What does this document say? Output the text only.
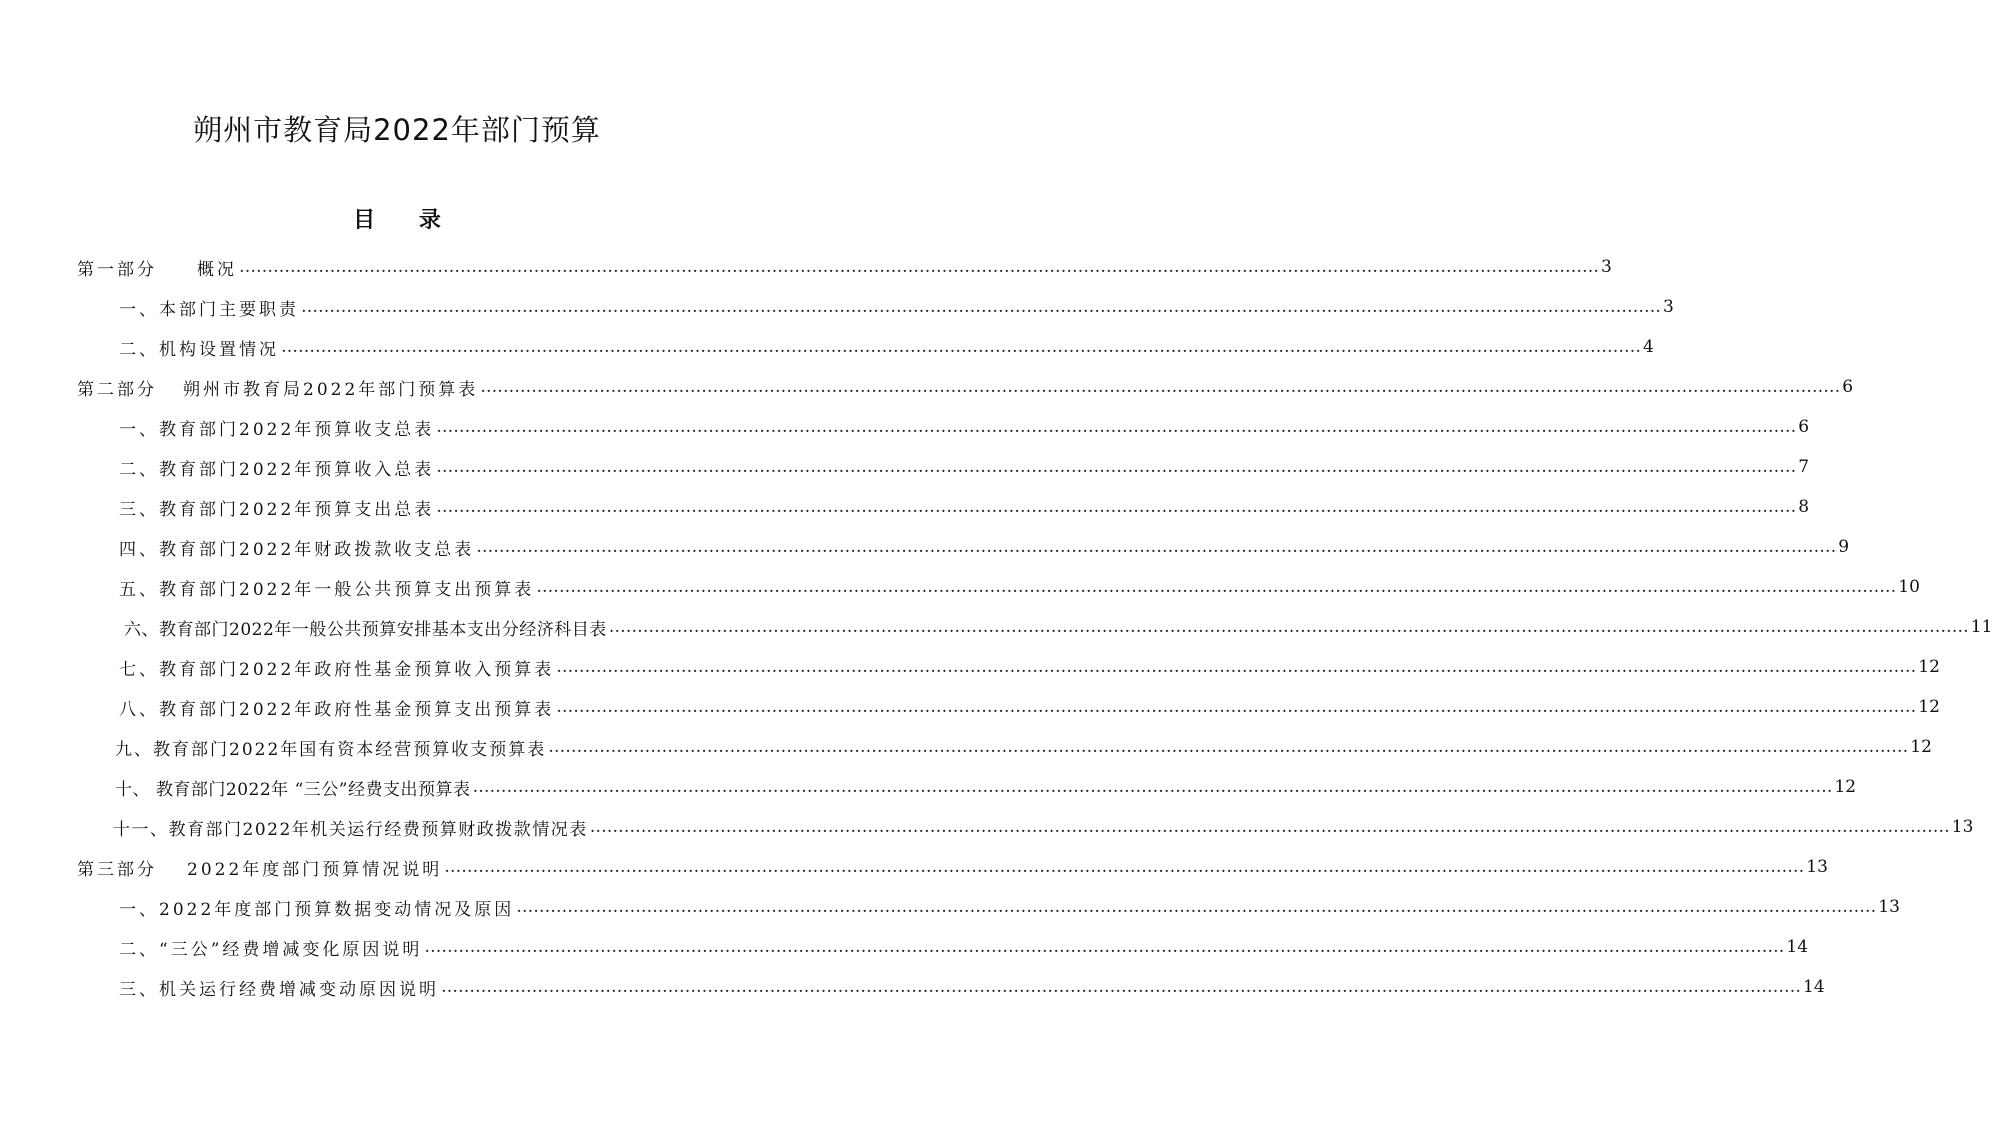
朔州市教育局2022年部门预算
目 录
第一部分 概况 …………………………………………………………………………………………………………………………………………………………………………………………………………………… 3
一、本部门主要职责 …………………………………………………………………………………………………………………………………………………………………………………………………………………… 3
二、机构设置情况 …………………………………………………………………………………………………………………………………………………………………………………………………………………… 4
第二部分 朔州市教育局2022年部门预算表 …………………………………………………………………………………………………………………………………………………………………………………………………………………… 6
一、教育部门2022年预算收支总表 …………………………………………………………………………………………………………………………………………………………………………………………………………………… 6
二、教育部门2022年预算收入总表 …………………………………………………………………………………………………………………………………………………………………………………………………………………… 7
三、教育部门2022年预算支出总表 …………………………………………………………………………………………………………………………………………………………………………………………………………………… 8
四、教育部门2022年财政拨款收支总表 …………………………………………………………………………………………………………………………………………………………………………………………………………………… 9
五、教育部门2022年一般公共预算支出预算表 …………………………………………………………………………………………………………………………………………………………………………………………………………………… 10
六、教育部门2022年一般公共预算安排基本支出分经济科目表 …………………………………………………………………………………………………………………………………………………………………………………………………………………… 11
七、教育部门2022年政府性基金预算收入预算表 …………………………………………………………………………………………………………………………………………………………………………………………………………………… 12
八、教育部门2022年政府性基金预算支出预算表 …………………………………………………………………………………………………………………………………………………………………………………………………………………… 12
九、教育部门2022年国有资本经营预算收支预算表 …………………………………………………………………………………………………………………………………………………………………………………………………………………… 12
十、 教育部门2022年 “三公”经费支出预算表 …………………………………………………………………………………………………………………………………………………………………………………………………………………… 12
十一、教育部门2022年机关运行经费预算财政拨款情况表 …………………………………………………………………………………………………………………………………………………………………………………………………………………… 13
第三部分 2022年度部门预算情况说明 …………………………………………………………………………………………………………………………………………………………………………………………………………………… 13
一、2022年度部门预算数据变动情况及原因 …………………………………………………………………………………………………………………………………………………………………………………………………………………… 13
二、“三公”经费增减变化原因说明 …………………………………………………………………………………………………………………………………………………………………………………………………………………… 14
三、机关运行经费增减变动原因说明 …………………………………………………………………………………………………………………………………………………………………………………………………………………… 14
